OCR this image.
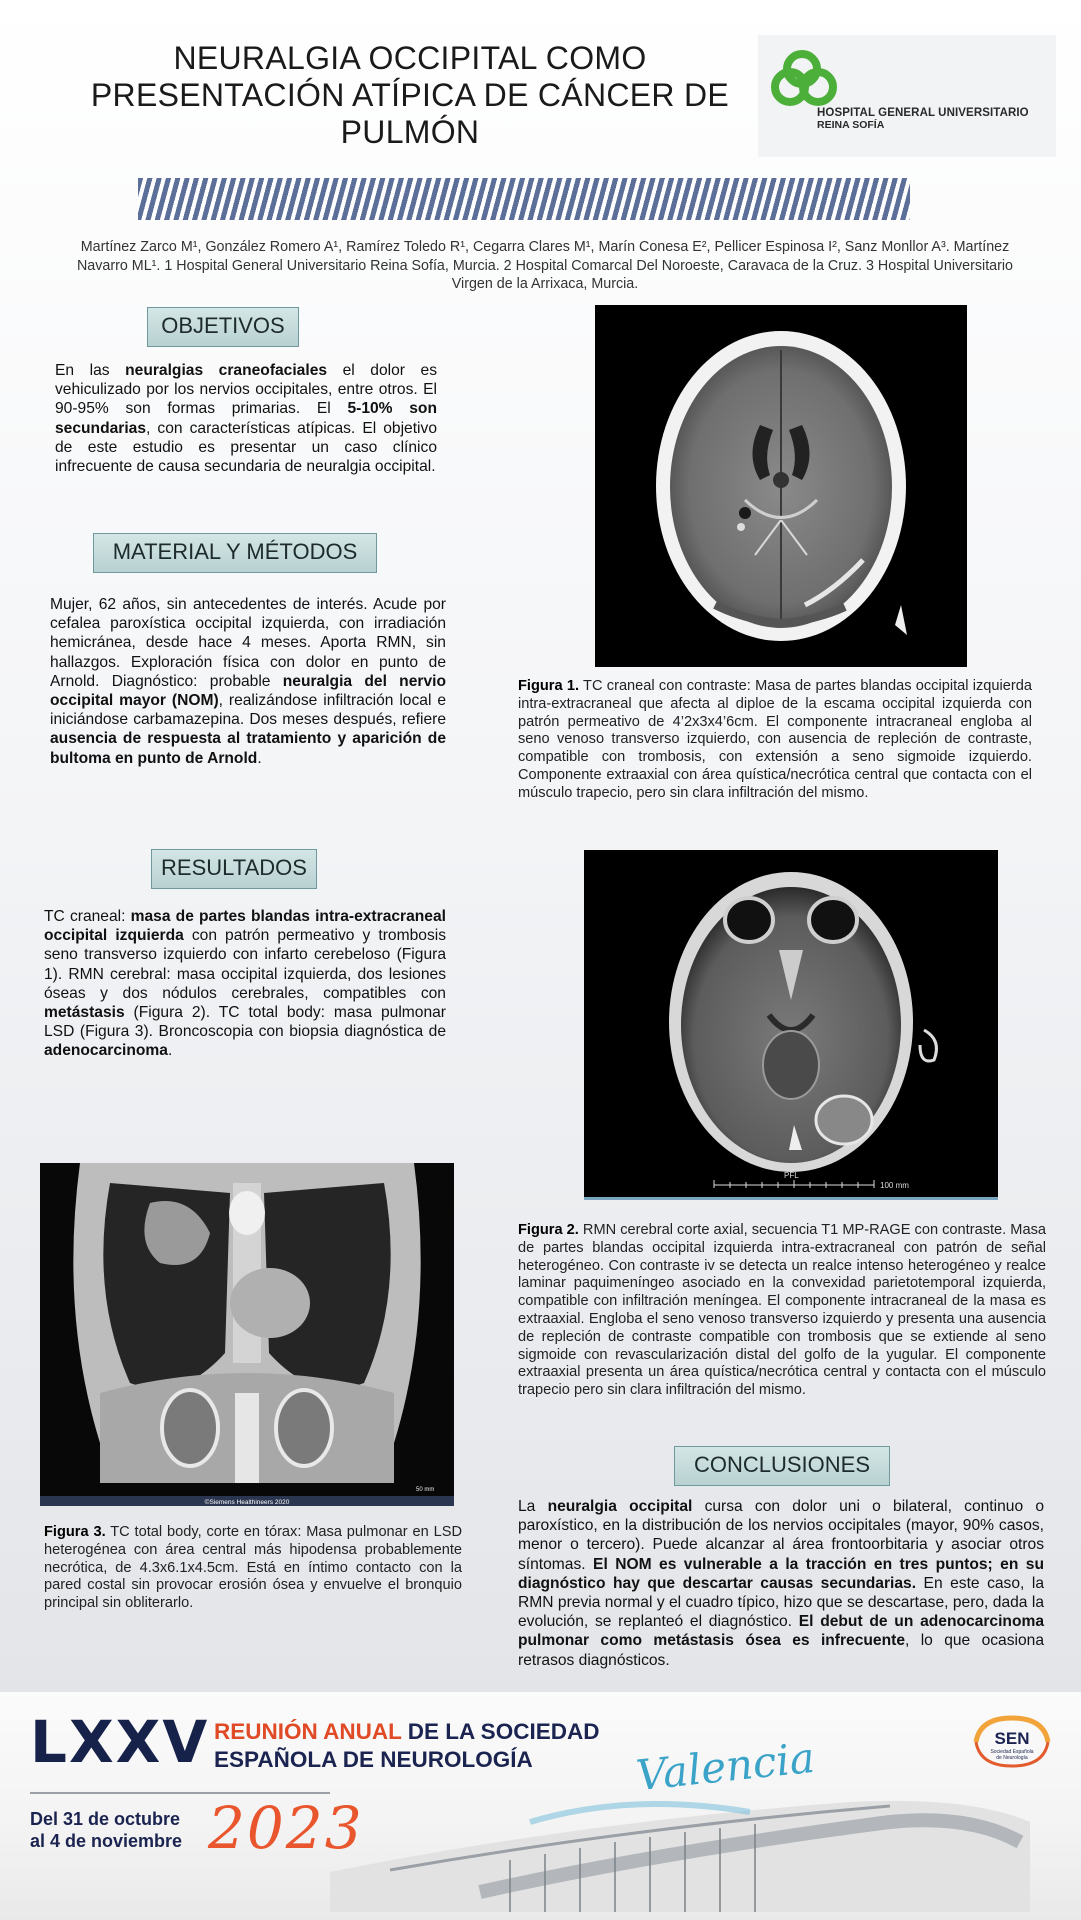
NEURALGIA OCCIPITAL COMO PRESENTACIÓN ATÍPICA DE CÁNCER DE PULMÓN
HOSPITAL GENERAL UNIVERSITARIO
REINA SOFÍA
Martínez Zarco M¹, González Romero A¹, Ramírez Toledo R¹, Cegarra Clares M¹, Marín Conesa E², Pellicer Espinosa I², Sanz Monllor A³. Martínez Navarro ML¹. 1 Hospital General Universitario Reina Sofía, Murcia. 2 Hospital Comarcal Del Noroeste, Caravaca de la Cruz. 3 Hospital Universitario Virgen de la Arrixaca, Murcia.
OBJETIVOS
En las neuralgias craneofaciales el dolor es vehiculizado por los nervios occipitales, entre otros. El 90-95% son formas primarias. El 5-10% son secundarias, con características atípicas. El objetivo de este estudio es presentar un caso clínico infrecuente de causa secundaria de neuralgia occipital.
MATERIAL Y MÉTODOS
Mujer, 62 años, sin antecedentes de interés. Acude por cefalea paroxística occipital izquierda, con irradiación hemicránea, desde hace 4 meses. Aporta RMN, sin hallazgos. Exploración física con dolor en punto de Arnold. Diagnóstico: probable neuralgia del nervio occipital mayor (NOM), realizándose infiltración local e iniciándose carbamazepina. Dos meses después, refiere ausencia de respuesta al tratamiento y aparición de bultoma en punto de Arnold.
RESULTADOS
TC craneal: masa de partes blandas intra-extracraneal occipital izquierda con patrón permeativo y trombosis seno transverso izquierdo con infarto cerebeloso (Figura 1). RMN cerebral: masa occipital izquierda, dos lesiones óseas y dos nódulos cerebrales, compatibles con metástasis (Figura 2). TC total body: masa pulmonar LSD (Figura 3). Broncoscopia con biopsia diagnóstica de adenocarcinoma.
Figura 1. TC craneal con contraste: Masa de partes blandas occipital izquierda intra-extracraneal que afecta al diploe de la escama occipital izquierda con patrón permeativo de 4’2x3x4’6cm. El componente intracraneal engloba al seno venoso transverso izquierdo, con ausencia de repleción de contraste, compatible con trombosis, con extensión a seno sigmoide izquierdo. Componente extraaxial con área quística/necrótica central que contacta con el músculo trapecio, pero sin clara infiltración del mismo.
PFL
100 mm
Figura 2. RMN cerebral corte axial, secuencia T1 MP-RAGE con contraste. Masa de partes blandas occipital izquierda intra-extracraneal con patrón de señal heterogéneo. Con contraste iv se detecta un realce intenso heterogéneo y realce laminar paquimeníngeo asociado en la convexidad parietotemporal izquierda, compatible con infiltración meníngea. El componente intracraneal de la masa es extraaxial. Engloba el seno venoso transverso izquierdo y presenta una ausencia de repleción de contraste compatible con trombosis que se extiende al seno sigmoide con revascularización distal del golfo de la yugular. El componente extraaxial presenta un área quística/necrótica central y contacta con el músculo trapecio pero sin clara infiltración del mismo.
©Siemens Healthineers 2020
50 mm
Figura 3. TC total body, corte en tórax: Masa pulmonar en LSD heterogénea con área central más hipodensa probablemente necrótica, de 4.3x6.1x4.5cm. Está en íntimo contacto con la pared costal sin provocar erosión ósea y envuelve el bronquio principal sin obliterarlo.
CONCLUSIONES
La neuralgia occipital cursa con dolor uni o bilateral, continuo o paroxístico, en la distribución de los nervios occipitales (mayor, 90% casos, menor o tercero). Puede alcanzar al área frontoorbitaria y asociar otros síntomas. El NOM es vulnerable a la tracción en tres puntos; en su diagnóstico hay que descartar causas secundarias. En este caso, la RMN previa normal y el cuadro típico, hizo que se descartase, pero, dada la evolución, se replanteó el diagnóstico. El debut de un adenocarcinoma pulmonar como metástasis ósea es infrecuente, lo que ocasiona retrasos diagnósticos.
LXXV REUNIÓN ANUAL DE LA SOCIEDAD
ESPAÑOLA DE NEUROLOGÍA
Del 31 de octubre
al 4 de noviembre
Valencia
2023
SEN
Sociedad Española
de Neurología
